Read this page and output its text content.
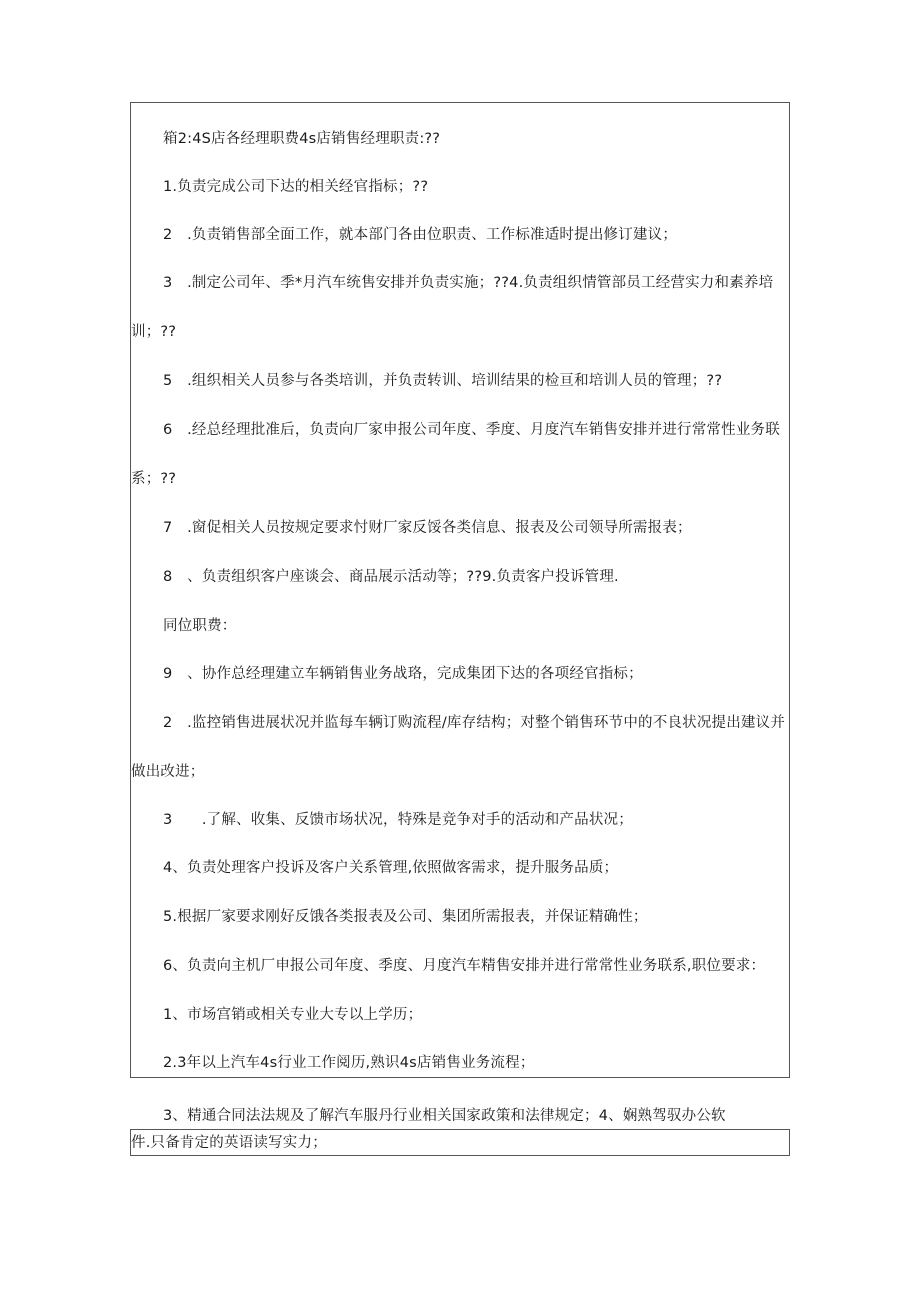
箱2:4S店各经理职费4s店销售经理职责:??
1.负责完成公司下达的相关经官指标；??
2　.负责销售部全面工作，就本部门各由位职责、工作标准适时提出修订建议；
3　.制定公司年、季*月汽车统售安排并负责实施；??4.负责组织情管部员工经营实力和素养培
训；??
5　.组织相关人员参与各类培训，并负责转训、培训结果的检亘和培训人员的管理；??
6　.经总经理批准后，负责向厂家申报公司年度、季度、月度汽车销售安排并进行常常性业务联
系；??
7　.窗促相关人员按规定要求忖财厂家反馁各类信息、报表及公司领导所需报表；
8　、负责组织客户座谈会、商品展示活动等；??9.负责客户投诉管理.
同位职费：
9　、协作总经理建立车辆销售业务战珞，完成集团下达的各项经官指标；
2　.监控销售进展状况并监每车辆订购流程/库存结构；对整个销售环节中的不良状况提出建议并
做出改进；
3　　.了解、收集、反馈市场状况，特殊是竞争对手的活动和产品状况；
4、负责处理客户投诉及客户关系管理,依照做客需求，提升服务品质；
5.根据厂家要求刚好反饿各类报表及公司、集团所需报表，并保证精确性；
6、负责向主机厂申报公司年度、季度、月度汽车精售安排并进行常常性业务联系,职位要求：
1、市场宫销或相关专业大专以上学历；
2.3年以上汽车4s行业工作阅历,熟识4s店销售业务流程；
3、精通合同法法规及了解汽车服丹行业相关国家政策和法律规定；4、娴熟驾驭办公软
件.只备肯定的英语读写实力；
